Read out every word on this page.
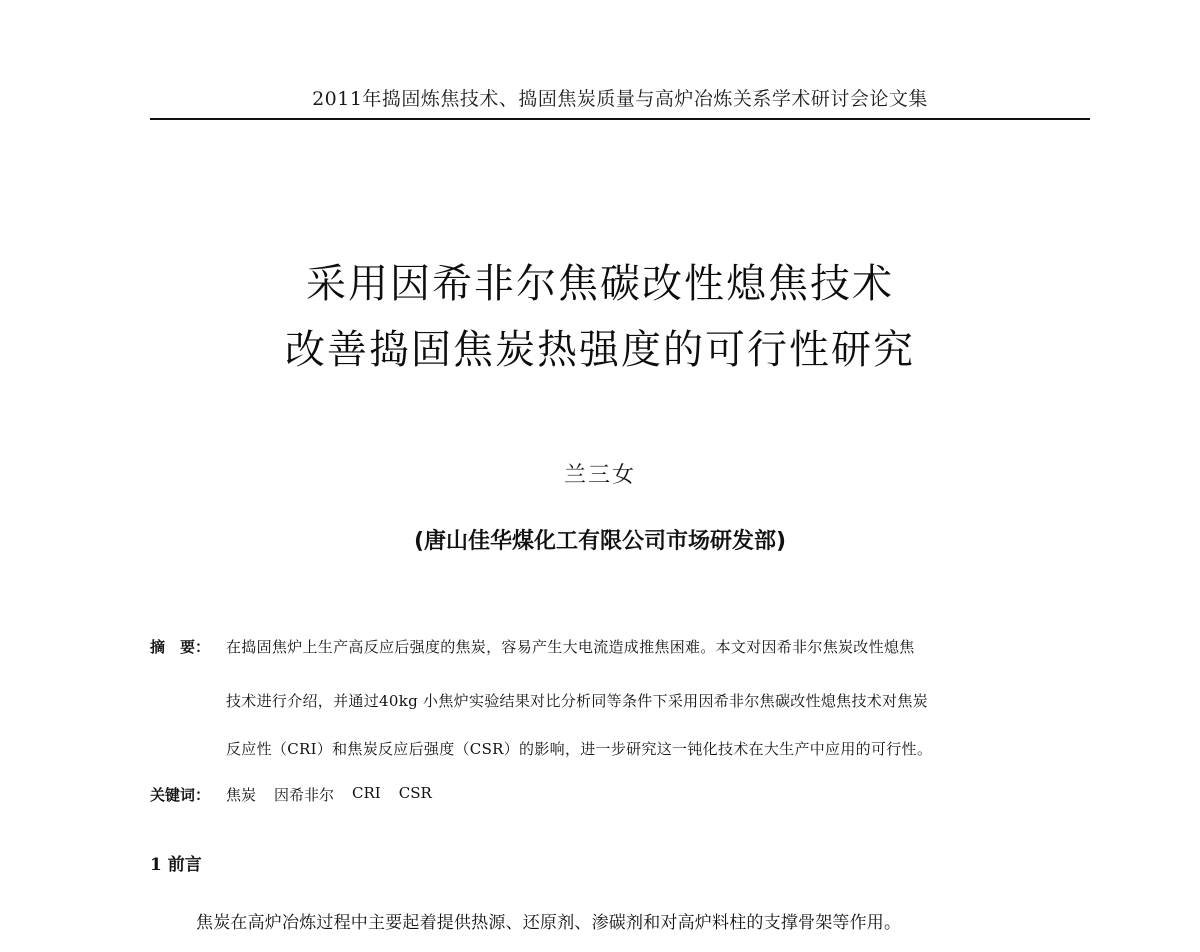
2011年捣固炼焦技术、捣固焦炭质量与高炉冶炼关系学术研讨会论文集
采用因希非尔焦碳改性熄焦技术
改善捣固焦炭热强度的可行性研究
兰三女
(唐山佳华煤化工有限公司市场研发部)
摘　要： 在捣固焦炉上生产高反应后强度的焦炭，容易产生大电流造成推焦困难。本文对因希非尔焦炭改性熄焦
技术进行介绍，并通过40kg 小焦炉实验结果对比分析同等条件下采用因希非尔焦碳改性熄焦技术对焦炭
反应性（CRI）和焦炭反应后强度（CSR）的影响，进一步研究这一钝化技术在大生产中应用的可行性。
关键词： 焦炭 因希非尔 CRI CSR
1 前言
焦炭在高炉冶炼过程中主要起着提供热源、还原剂、渗碳剂和对高炉料柱的支撑骨架等作用。
